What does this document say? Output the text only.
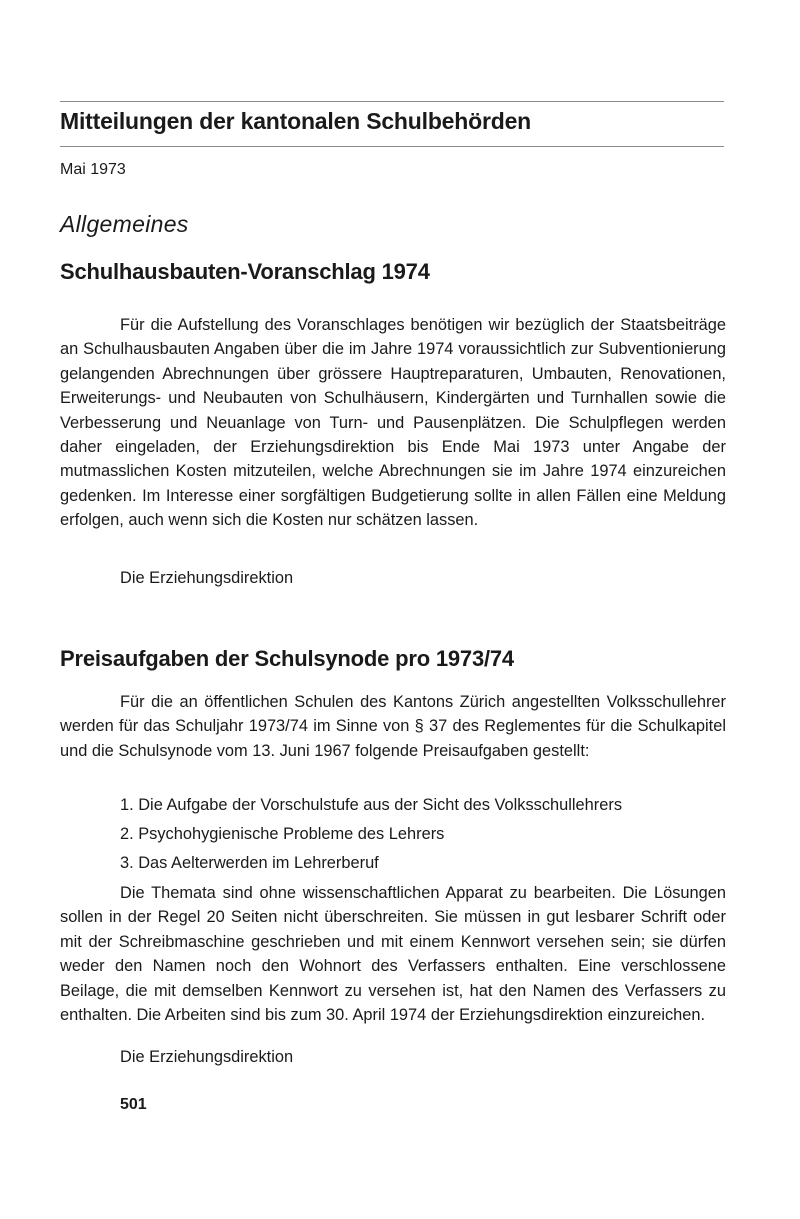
Mitteilungen der kantonalen Schulbehörden
Mai 1973
Allgemeines
Schulhausbauten-Voranschlag 1974

Für die Aufstellung des Voranschlages benötigen wir bezüglich der Staatsbeiträge an Schulhausbauten Angaben über die im Jahre 1974 voraussichtlich zur Subventionierung gelangenden Abrechnungen über grössere Hauptreparaturen, Umbauten, Renovationen, Erweiterungs- und Neubauten von Schulhäusern, Kindergärten und Turnhallen sowie die Verbesserung und Neuanlage von Turn- und Pausenplätzen. Die Schulpflegen werden daher eingeladen, der Erziehungsdirektion bis Ende Mai 1973 unter Angabe der mutmasslichen Kosten mitzuteilen, welche Abrechnungen sie im Jahre 1974 einzureichen gedenken. Im Interesse einer sorgfältigen Budgetierung sollte in allen Fällen eine Meldung erfolgen, auch wenn sich die Kosten nur schätzen lassen.

Die Erziehungsdirektion
Preisaufgaben der Schulsynode pro 1973/74

Für die an öffentlichen Schulen des Kantons Zürich angestellten Volksschullehrer werden für das Schuljahr 1973/74 im Sinne von § 37 des Reglementes für die Schulkapitel und die Schulsynode vom 13. Juni 1967 folgende Preisaufgaben gestellt:

1. Die Aufgabe der Vorschulstufe aus der Sicht des Volksschullehrers
2. Psychohygienische Probleme des Lehrers
3. Das Aelterwerden im Lehrerberuf

Die Themata sind ohne wissenschaftlichen Apparat zu bearbeiten. Die Lösungen sollen in der Regel 20 Seiten nicht überschreiten. Sie müssen in gut lesbarer Schrift oder mit der Schreibmaschine geschrieben und mit einem Kennwort versehen sein; sie dürfen weder den Namen noch den Wohnort des Verfassers enthalten. Eine verschlossene Beilage, die mit demselben Kennwort zu versehen ist, hat den Namen des Verfassers zu enthalten. Die Arbeiten sind bis zum 30. April 1974 der Erziehungsdirektion einzureichen.

Die Erziehungsdirektion
501
